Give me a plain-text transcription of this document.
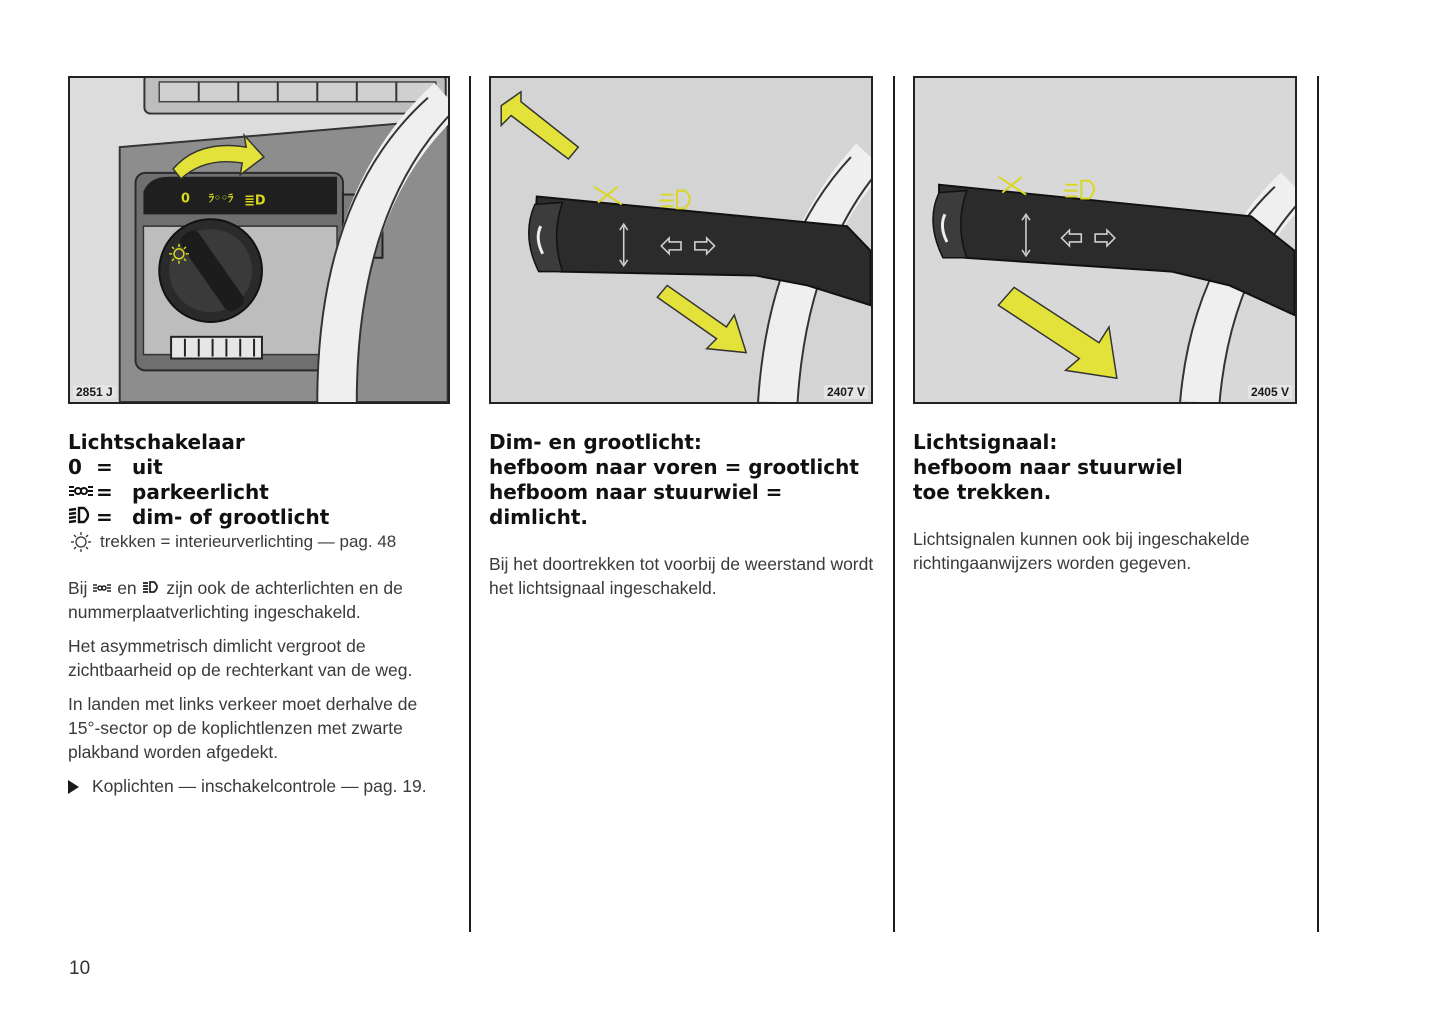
0 ﾗ◦◦ﾗ ≣D
2851 J	2407 V	2405 V
Lichtschakelaar
0 = uit
= parkeerlicht
= dim- of grootlicht
trekken = interieurverlichting — pag. 48

Bij en zijn ook de achterlichten en de nummerplaatverlichting ingeschakeld.

Het asymmetrisch dimlicht vergroot de zichtbaarheid op de rechterkant van de weg.

In landen met links verkeer moet derhalve de 15°-sector op de koplichtlenzen met zwarte plakband worden afgedekt.

Koplichten — inschakelcontrole — pag. 19.

Dim- en grootlicht:
hefboom naar voren = grootlicht
hefboom naar stuurwiel =
dimlicht.

Bij het doortrekken tot voorbij de weerstand wordt het lichtsignaal ingeschakeld.

Lichtsignaal:
hefboom naar stuurwiel
toe trekken.

Lichtsignalen kunnen ook bij ingeschakelde richtingaanwijzers worden gegeven.

10
